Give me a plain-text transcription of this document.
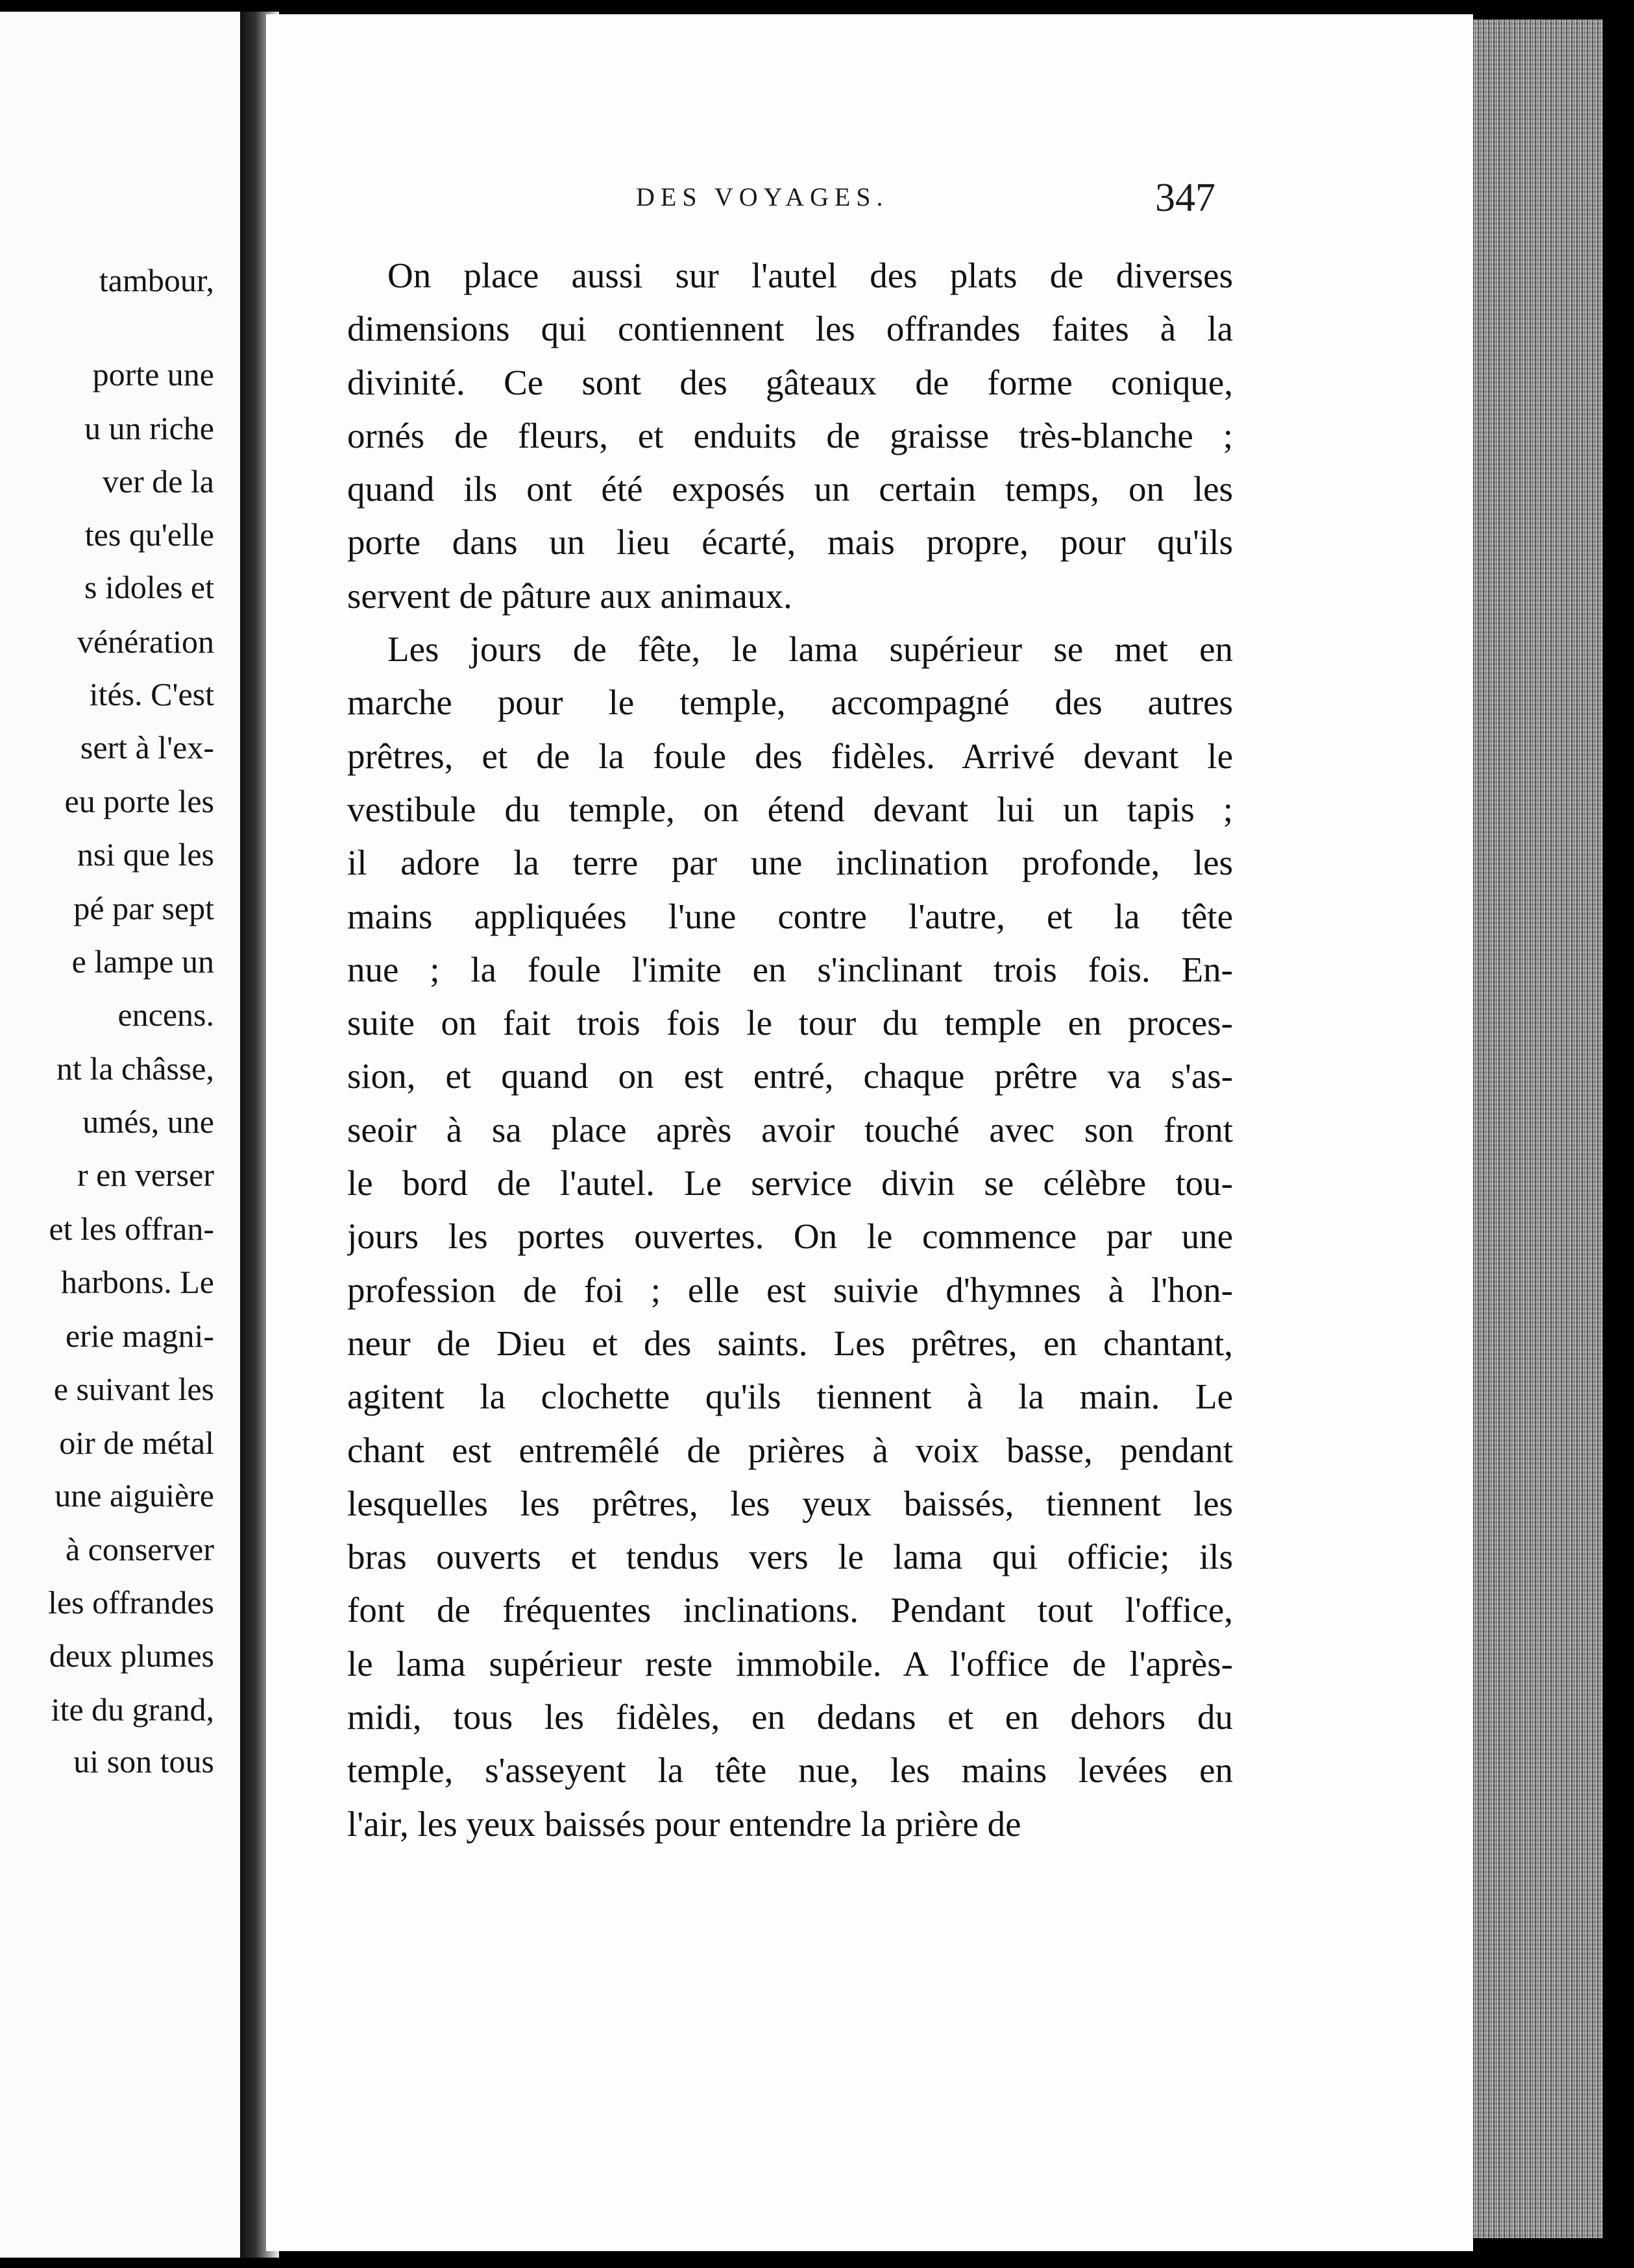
tambour,
porte une
u un riche
ver de la
tes qu'elle
s idoles et
vénération
ités. C'est
sert à l'ex-
eu porte les
nsi que les
pé par sept
e lampe un
encens.
nt la châsse,
umés, une
r en verser
et les offran-
harbons. Le
erie magni-
e suivant les
oir de métal
une aiguière
à conserver
les offrandes
deux plumes
ite du grand,
ui son tous
DES VOYAGES.	347
On place aussi sur l'autel des plats de diverses
dimensions qui contiennent les offrandes faites à la
divinité. Ce sont des gâteaux de forme conique,
ornés de fleurs, et enduits de graisse très-blanche ;
quand ils ont été exposés un certain temps, on les
porte dans un lieu écarté, mais propre, pour qu'ils
servent de pâture aux animaux.
Les jours de fête, le lama supérieur se met en
marche pour le temple, accompagné des autres
prêtres, et de la foule des fidèles. Arrivé devant le
vestibule du temple, on étend devant lui un tapis ;
il adore la terre par une inclination profonde, les
mains appliquées l'une contre l'autre, et la tête
nue ; la foule l'imite en s'inclinant trois fois. En-
suite on fait trois fois le tour du temple en proces-
sion, et quand on est entré, chaque prêtre va s'as-
seoir à sa place après avoir touché avec son front
le bord de l'autel. Le service divin se célèbre tou-
jours les portes ouvertes. On le commence par une
profession de foi ; elle est suivie d'hymnes à l'hon-
neur de Dieu et des saints. Les prêtres, en chantant,
agitent la clochette qu'ils tiennent à la main. Le
chant est entremêlé de prières à voix basse, pendant
lesquelles les prêtres, les yeux baissés, tiennent les
bras ouverts et tendus vers le lama qui officie; ils
font de fréquentes inclinations. Pendant tout l'office,
le lama supérieur reste immobile. A l'office de l'après-
midi, tous les fidèles, en dedans et en dehors du
temple, s'asseyent la tête nue, les mains levées en
l'air, les yeux baissés pour entendre la prière de
